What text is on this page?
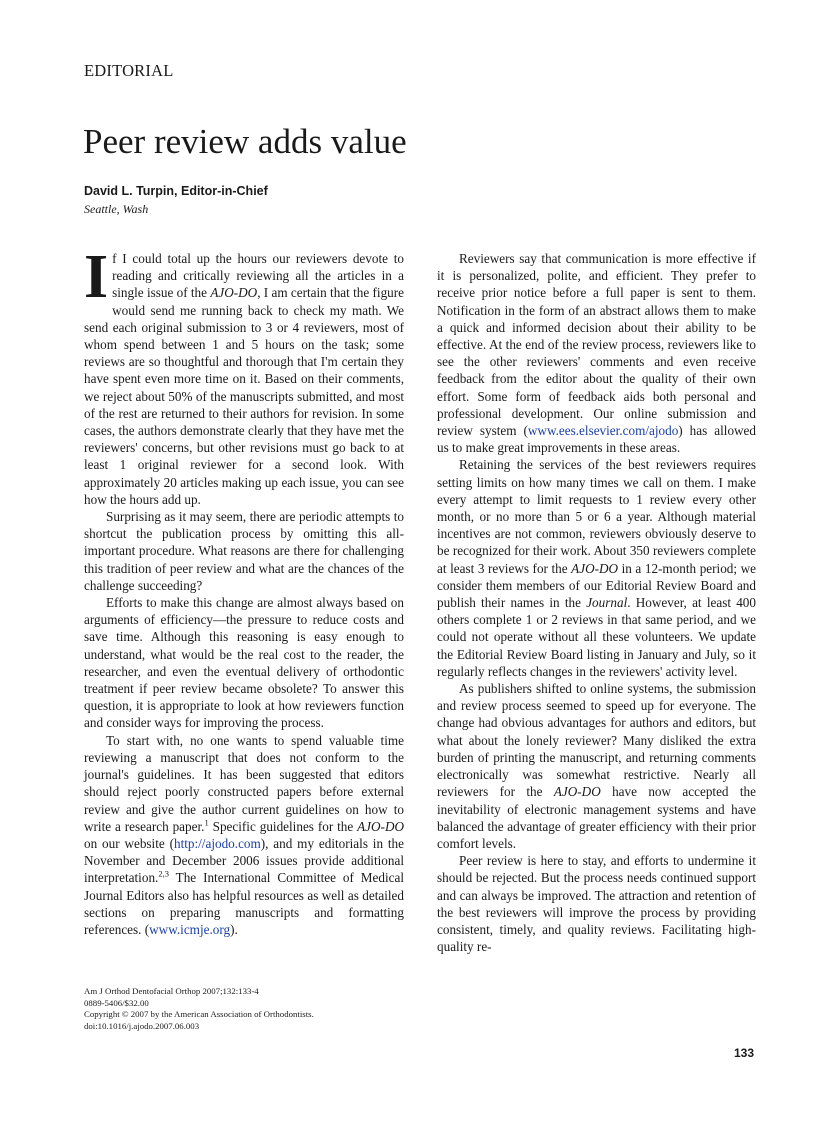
EDITORIAL
Peer review adds value
David L. Turpin, Editor-in-Chief
Seattle, Wash

If I could total up the hours our reviewers devote to reading and critically reviewing all the articles in a single issue of the AJO-DO, I am certain that the figure would send me running back to check my math. We send each original submission to 3 or 4 reviewers, most of whom spend between 1 and 5 hours on the task; some reviews are so thoughtful and thorough that I'm certain they have spent even more time on it. Based on their comments, we reject about 50% of the manuscripts submitted, and most of the rest are returned to their authors for revision. In some cases, the authors demonstrate clearly that they have met the reviewers' concerns, but other revisions must go back to at least 1 original reviewer for a second look. With approximately 20 articles making up each issue, you can see how the hours add up.

Surprising as it may seem, there are periodic attempts to shortcut the publication process by omitting this all-important procedure. What reasons are there for challenging this tradition of peer review and what are the chances of the challenge succeeding?

Efforts to make this change are almost always based on arguments of efficiency—the pressure to reduce costs and save time. Although this reasoning is easy enough to understand, what would be the real cost to the reader, the researcher, and even the eventual delivery of orthodontic treatment if peer review became obsolete? To answer this question, it is appropriate to look at how reviewers function and consider ways for improving the process.

To start with, no one wants to spend valuable time reviewing a manuscript that does not conform to the journal's guidelines. It has been suggested that editors should reject poorly constructed papers before external review and give the author current guidelines on how to write a research paper.$^1$ Specific guidelines for the AJO-DO on our website (http://ajodo.com), and my editorials in the November and December 2006 issues provide additional interpretation.$^{2,3}$ The International Committee of Medical Journal Editors also has helpful resources as well as detailed sections on preparing manuscripts and formatting references. (www.icmje.org).

Reviewers say that communication is more effective if it is personalized, polite, and efficient. They prefer to receive prior notice before a full paper is sent to them. Notification in the form of an abstract allows them to make a quick and informed decision about their ability to be effective. At the end of the review process, reviewers like to see the other reviewers' comments and even receive feedback from the editor about the quality of their own effort. Some form of feedback aids both personal and professional development. Our online submission and review system (www.ees.elsevier.com/ajodo) has allowed us to make great improvements in these areas.

Retaining the services of the best reviewers requires setting limits on how many times we call on them. I make every attempt to limit requests to 1 review every other month, or no more than 5 or 6 a year. Although material incentives are not common, reviewers obviously deserve to be recognized for their work. About 350 reviewers complete at least 3 reviews for the AJO-DO in a 12-month period; we consider them members of our Editorial Review Board and publish their names in the Journal. However, at least 400 others complete 1 or 2 reviews in that same period, and we could not operate without all these volunteers. We update the Editorial Review Board listing in January and July, so it regularly reflects changes in the reviewers' activity level.

As publishers shifted to online systems, the submission and review process seemed to speed up for everyone. The change had obvious advantages for authors and editors, but what about the lonely reviewer? Many disliked the extra burden of printing the manuscript, and returning comments electronically was somewhat restrictive. Nearly all reviewers for the AJO-DO have now accepted the inevitability of electronic management systems and have balanced the advantage of greater efficiency with their prior comfort levels.

Peer review is here to stay, and efforts to undermine it should be rejected. But the process needs continued support and can always be improved. The attraction and retention of the best reviewers will improve the process by providing consistent, timely, and quality reviews. Facilitating high-quality re-

Am J Orthod Dentofacial Orthop 2007;132:133-4
0889-5406/$32.00
Copyright © 2007 by the American Association of Orthodontists.
doi:10.1016/j.ajodo.2007.06.003
133
